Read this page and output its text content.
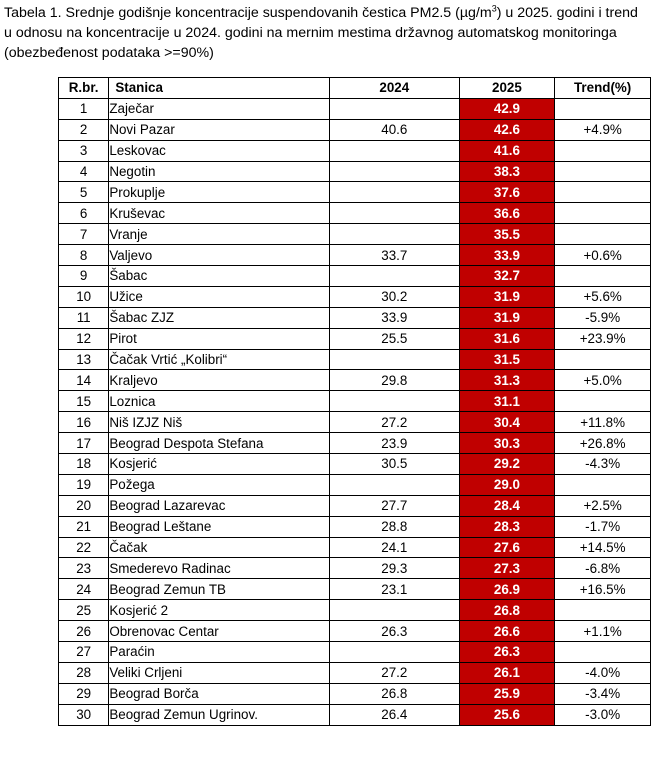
Tabela 1. Srednje godišnje koncentracije suspendovanih čestica PM2.5 $(\mu g/m^3)$ u 2025. godini i trend u odnosu na koncentracije u 2024. godini na mernim mestima državnog automatskog monitoringa (obezbeđenost podataka >=90%)

R.br.	Stanica	2024	2025	Trend(%)
1	Zaječar		42.9	
2	Novi Pazar	40.6	42.6	+4.9%
3	Leskovac		41.6	
4	Negotin		38.3	
5	Prokuplje		37.6	
6	Kruševac		36.6	
7	Vranje		35.5	
8	Valjevo	33.7	33.9	+0.6%
9	Šabac		32.7	
10	Užice	30.2	31.9	+5.6%
11	Šabac ZJZ	33.9	31.9	-5.9%
12	Pirot	25.5	31.6	+23.9%
13	Čačak Vrtić „Kolibri“		31.5	
14	Kraljevo	29.8	31.3	+5.0%
15	Loznica		31.1	
16	Niš IZJZ Niš	27.2	30.4	+11.8%
17	Beograd Despota Stefana	23.9	30.3	+26.8%
18	Kosjerić	30.5	29.2	-4.3%
19	Požega		29.0	
20	Beograd Lazarevac	27.7	28.4	+2.5%
21	Beograd Leštane	28.8	28.3	-1.7%
22	Čačak	24.1	27.6	+14.5%
23	Smederevo Radinac	29.3	27.3	-6.8%
24	Beograd Zemun TB	23.1	26.9	+16.5%
25	Kosjerić 2		26.8	
26	Obrenovac Centar	26.3	26.6	+1.1%
27	Paraćin		26.3	
28	Veliki Crljeni	27.2	26.1	-4.0%
29	Beograd Borča	26.8	25.9	-3.4%
30	Beograd Zemun Ugrinov.	26.4	25.6	-3.0%
